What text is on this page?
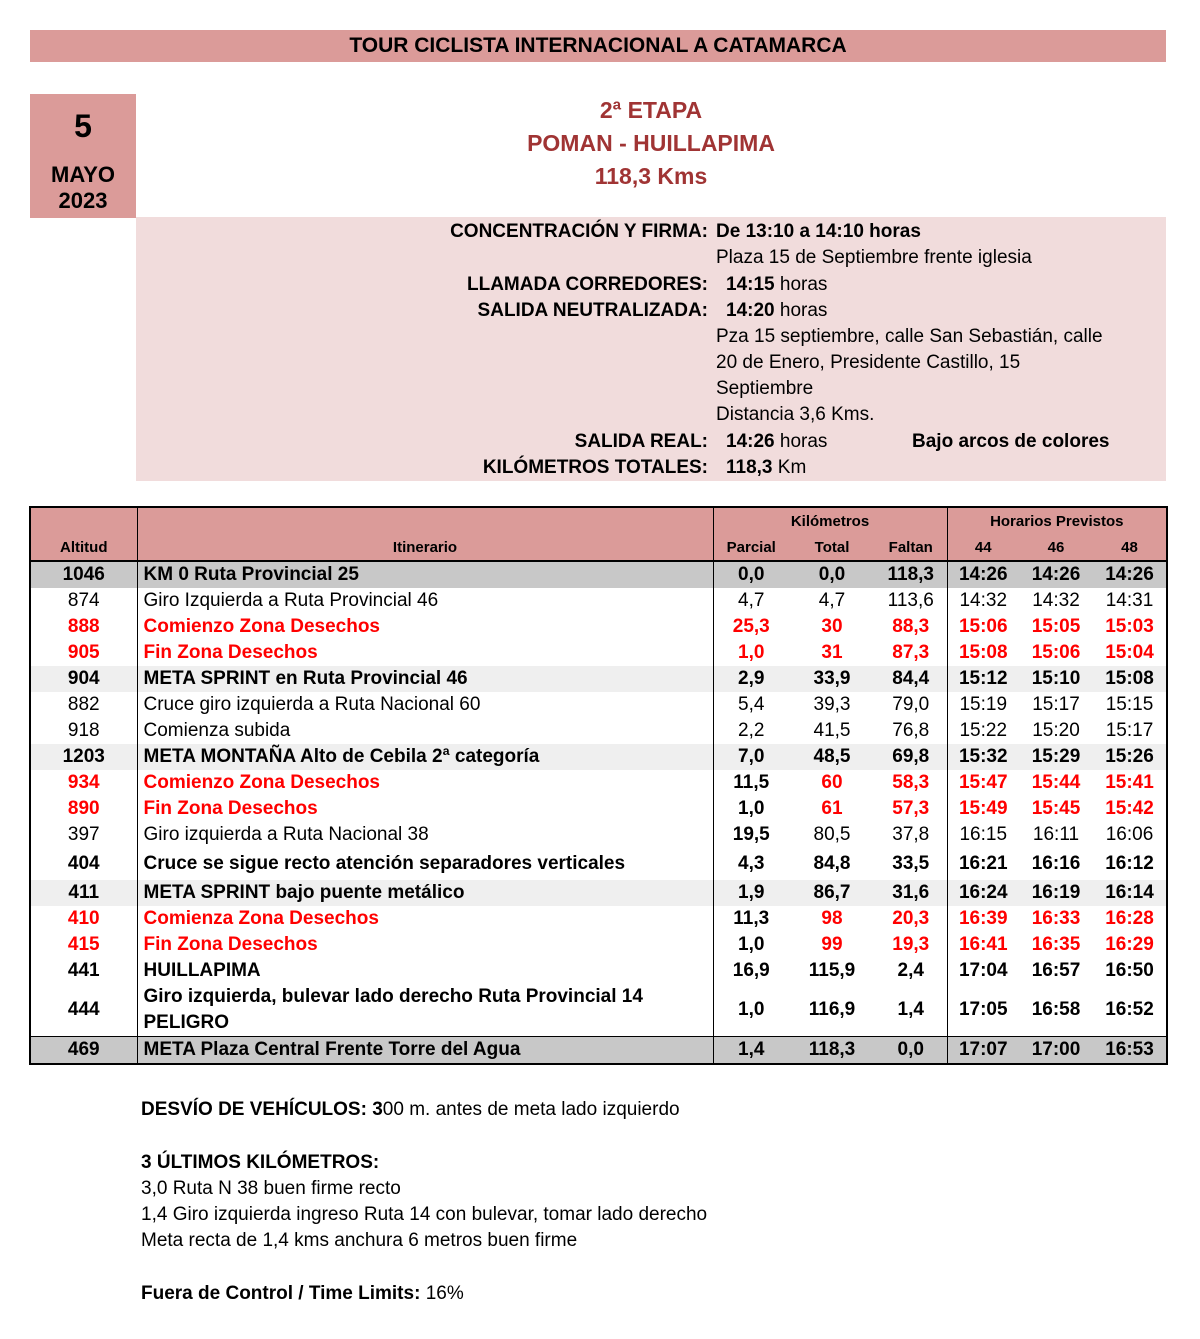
TOUR CICLISTA INTERNACIONAL A CATAMARCA
5
MAYO
2023
2ª ETAPA
POMAN - HUILLAPIMA
118,3 Kms
CONCENTRACIÓN Y FIRMA: De 13:10 a 14:10 horas
Plaza 15 de Septiembre frente iglesia
LLAMADA CORREDORES: 14:15 horas
SALIDA NEUTRALIZADA: 14:20 horas
Pza 15 septiembre, calle San Sebastián, calle
20 de Enero, Presidente Castillo, 15
Septiembre
Distancia 3,6 Kms.
SALIDA REAL: 14:26 horas	Bajo arcos de colores
KILÓMETROS TOTALES: 118,3 Km
		Kilómetros			Horarios Previstos		
Altitud	Itinerario	Parcial	Total	Faltan	44	46	48
1046	KM 0 Ruta Provincial 25	0,0	0,0	118,3	14:26	14:26	14:26
874	Giro Izquierda a Ruta Provincial 46	4,7	4,7	113,6	14:32	14:32	14:31
888	Comienzo Zona Desechos	25,3	30	88,3	15:06	15:05	15:03
905	Fin Zona Desechos	1,0	31	87,3	15:08	15:06	15:04
904	META SPRINT en Ruta Provincial 46	2,9	33,9	84,4	15:12	15:10	15:08
882	Cruce giro izquierda a Ruta Nacional 60	5,4	39,3	79,0	15:19	15:17	15:15
918	Comienza subida	2,2	41,5	76,8	15:22	15:20	15:17
1203	META MONTAÑA Alto de Cebila 2ª categoría	7,0	48,5	69,8	15:32	15:29	15:26
934	Comienzo Zona Desechos	11,5	60	58,3	15:47	15:44	15:41
890	Fin Zona Desechos	1,0	61	57,3	15:49	15:45	15:42
397	Giro izquierda a Ruta Nacional 38	19,5	80,5	37,8	16:15	16:11	16:06
404	Cruce se sigue recto atención separadores verticales	4,3	84,8	33,5	16:21	16:16	16:12
411	META SPRINT bajo puente metálico	1,9	86,7	31,6	16:24	16:19	16:14
410	Comienza Zona Desechos	11,3	98	20,3	16:39	16:33	16:28
415	Fin Zona Desechos	1,0	99	19,3	16:41	16:35	16:29
441	HUILLAPIMA	16,9	115,9	2,4	17:04	16:57	16:50
444	Giro izquierda, bulevar lado derecho Ruta Provincial 14
PELIGRO	1,0	116,9	1,4	17:05	16:58	16:52
469	META Plaza Central Frente Torre del Agua	1,4	118,3	0,0	17:07	17:00	16:53
DESVÍO DE VEHÍCULOS: 300 m. antes de meta lado izquierdo
3 ÚLTIMOS KILÓMETROS:
3,0 Ruta N 38 buen firme recto
1,4 Giro izquierda ingreso Ruta 14 con bulevar, tomar lado derecho
Meta recta de 1,4 kms anchura 6 metros buen firme
Fuera de Control / Time Limits: 16%
